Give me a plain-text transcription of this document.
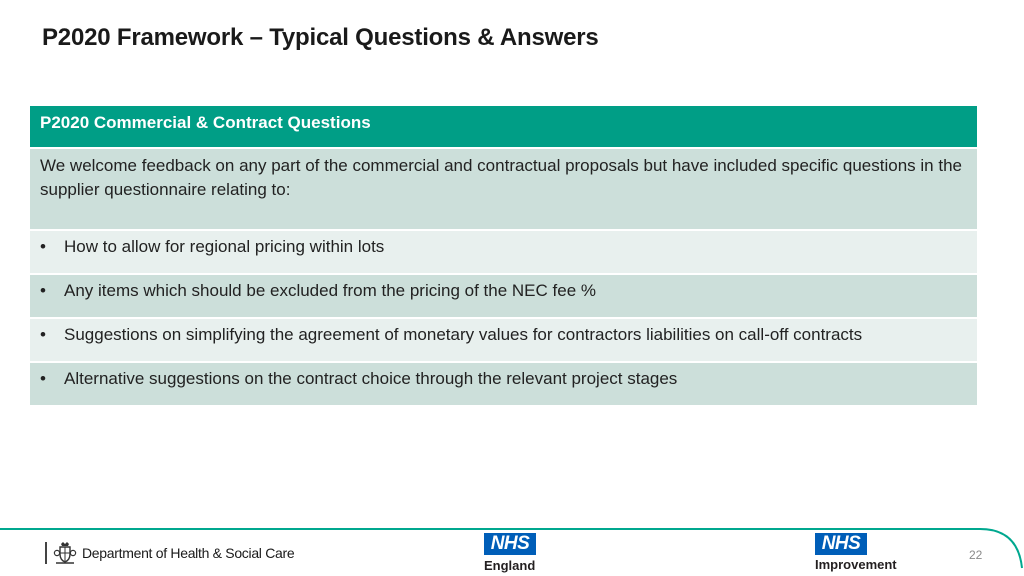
P2020 Framework – Typical Questions & Answers
P2020 Commercial & Contract Questions
We welcome feedback on any part of the commercial and contractual proposals but have included specific questions in the supplier questionnaire relating to:
• How to allow for regional pricing within lots
• Any items which should be excluded from the pricing of the NEC fee %
• Suggestions on simplifying the agreement of monetary values for contractors liabilities on call-off contracts
• Alternative suggestions on the contract choice through the relevant project stages
Department of Health & Social Care	NHS
England
NHS
Improvement
22
